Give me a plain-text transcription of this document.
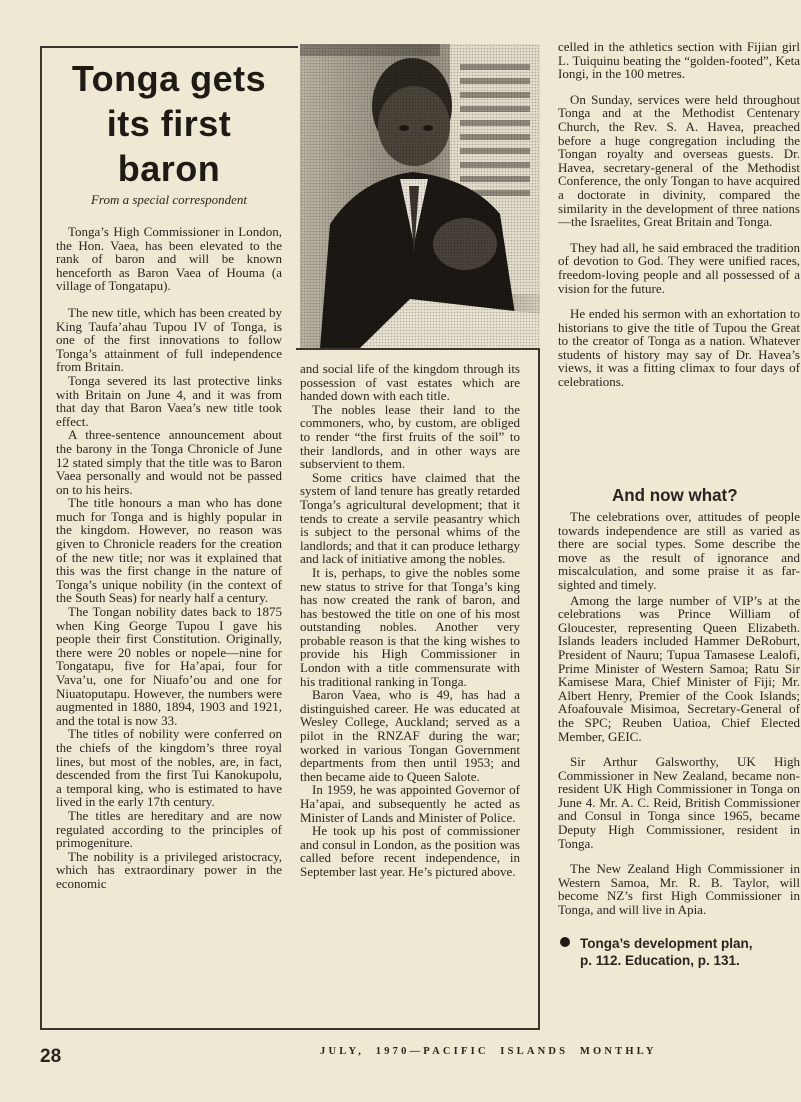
Tonga gets
its first
baron
From a special correspondent

Tonga’s High Commissioner in London, the Hon. Vaea, has been elevated to the rank of baron and will be known henceforth as Baron Vaea of Houma (a village of Tongatapu).

The new title, which has been created by King Taufa’ahau Tupou IV of Tonga, is one of the first innovations to follow Tonga’s attainment of full independence from Britain.

Tonga severed its last protective links with Britain on June 4, and it was from that day that Baron Vaea’s new title took effect.

A three-sentence announcement about the barony in the Tonga Chronicle of June 12 stated simply that the title was to Baron Vaea personally and would not be passed on to his heirs.

The title honours a man who has done much for Tonga and is highly popular in the kingdom. However, no reason was given to Chronicle readers for the creation of the new title; nor was it explained that this was the first change in the nature of Tonga’s unique nobility (in the context of the South Seas) for nearly half a century.

The Tongan nobility dates back to 1875 when King George Tupou I gave his people their first Constitution. Originally, there were 20 nobles or nopele—nine for Tongatapu, five for Ha’apai, four for Vava’u, one for Niuafo’ou and one for Niuatoputapu. However, the numbers were augmented in 1880, 1894, 1903 and 1921, and the total is now 33.

The titles of nobility were conferred on the chiefs of the kingdom’s three royal lines, but most of the nobles, are, in fact, descended from the first Tui Kanokupolu, a temporal king, who is estimated to have lived in the early 17th century.

The titles are hereditary and are now regulated according to the principles of primogeniture.

The nobility is a privileged aristocracy, which has extraordinary power in the economic

and social life of the kingdom through its possession of vast estates which are handed down with each title.

The nobles lease their land to the commoners, who, by custom, are obliged to render “the first fruits of the soil” to their landlords, and in other ways are subservient to them.

Some critics have claimed that the system of land tenure has greatly retarded Tonga’s agricultural development; that it tends to create a servile peasantry which is subject to the personal whims of the landlords; and that it can produce lethargy and lack of initiative among the nobles.

It is, perhaps, to give the nobles some new status to strive for that Tonga’s king has now created the rank of baron, and has bestowed the title on one of his most outstanding nobles. Another very probable reason is that the king wishes to provide his High Commissioner in London with a title commensurate with his traditional ranking in Tonga.

Baron Vaea, who is 49, has had a distinguished career. He was educated at Wesley College, Auckland; served as a pilot in the RNZAF during the war; worked in various Tongan Government departments from then until 1953; and then became aide to Queen Salote.

In 1959, he was appointed Governor of Ha’apai, and subsequently he acted as Minister of Lands and Minister of Police.

He took up his post of commissioner and consul in London, as the position was called before recent independence, in September last year. He’s pictured above.

celled in the athletics section with Fijian girl L. Tuiquinu beating the “golden-footed”, Keta Iongi, in the 100 metres.

On Sunday, services were held throughout Tonga and at the Methodist Centenary Church, the Rev. S. A. Havea, preached before a huge congregation including the Tongan royalty and overseas guests. Dr. Havea, secretary-general of the Methodist Conference, the only Tongan to have acquired a doctorate in divinity, compared the similarity in the development of three nations—the Israelites, Great Britain and Tonga.

They had all, he said embraced the tradition of devotion to God. They were unified races, freedom-loving people and all possessed of a vision for the future.

He ended his sermon with an exhortation to historians to give the title of Tupou the Great to the creator of Tonga as a nation. Whatever students of history may say of Dr. Havea’s views, it was a fitting climax to four days of celebrations.

And now what?

The celebrations over, attitudes of people towards independence are still as varied as there are social types. Some describe the move as the result of ignorance and miscalculation, and some praise it as far-sighted and timely.

Among the large number of VIP’s at the celebrations was Prince William of Gloucester, representing Queen Elizabeth. Islands leaders included Hammer DeRoburt, President of Nauru; Tupua Tamasese Lealofi, Prime Minister of Western Samoa; Ratu Sir Kamisese Mara, Chief Minister of Fiji; Mr. Albert Henry, Premier of the Cook Islands; Afoafouvale Misimoa, Secretary-General of the SPC; Reuben Uatioa, Chief Elected Member, GEIC.

Sir Arthur Galsworthy, UK High Commissioner in New Zealand, became non-resident UK High Commissioner in Tonga on June 4. Mr. A. C. Reid, British Commissioner and Consul in Tonga since 1965, became Deputy High Commissioner, resident in Tonga.

The New Zealand High Commissioner in Western Samoa, Mr. R. B. Taylor, will become NZ’s first High Commissioner in Tonga, and will live in Apia.

Tonga’s development plan,
p. 112. Education, p. 131.
28	JULY,  1970—PACIFIC  ISLANDS  MONTHLY
